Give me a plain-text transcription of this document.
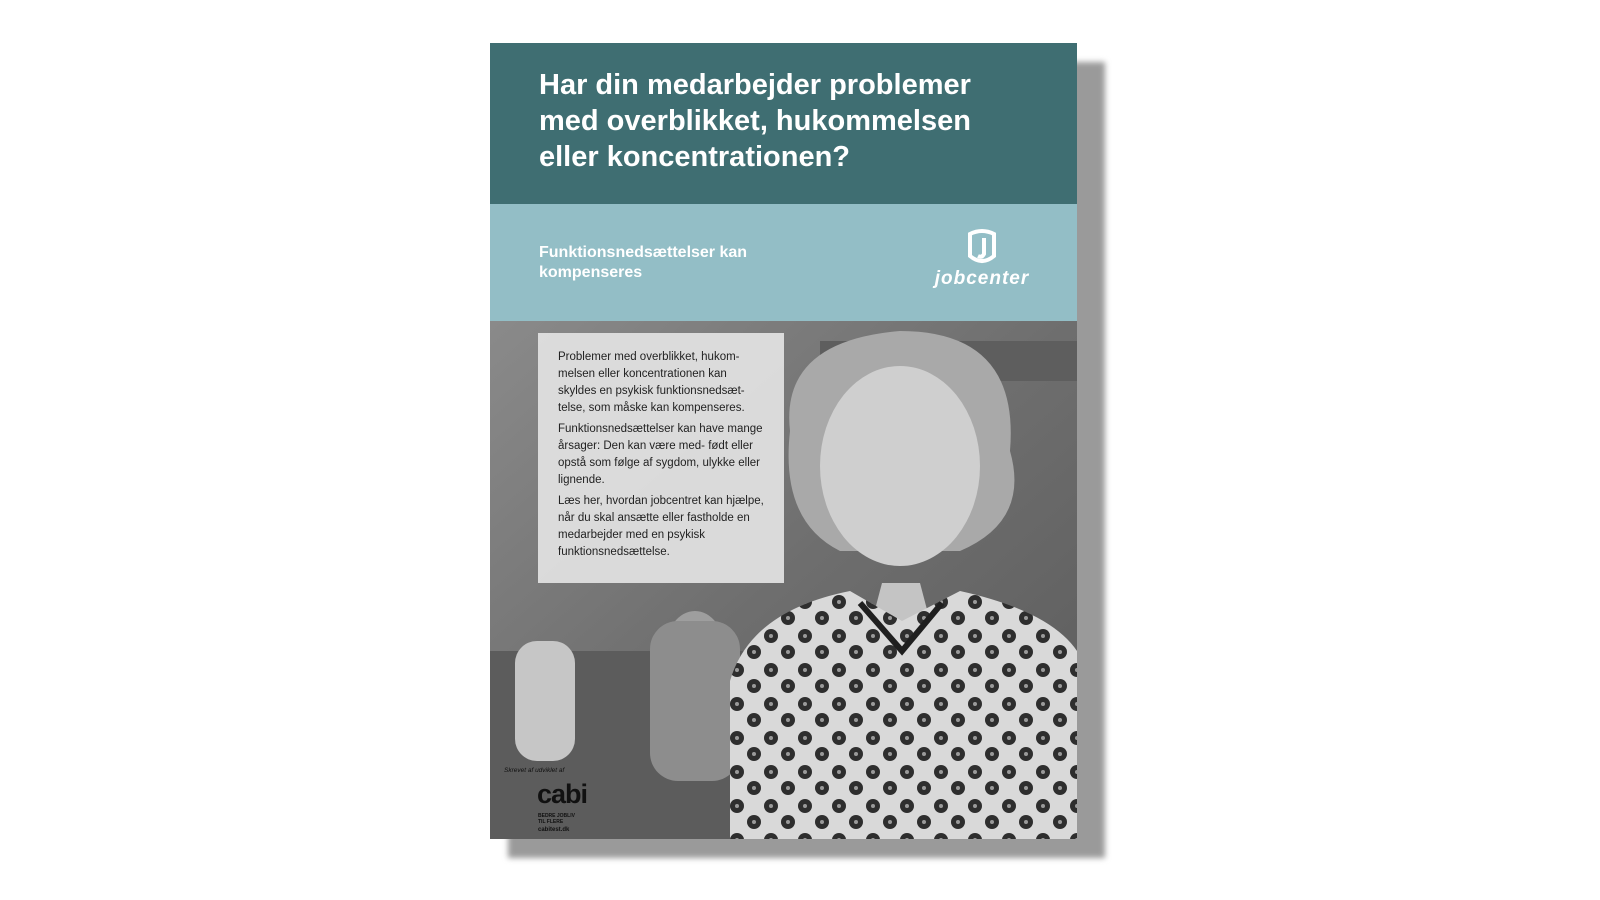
Har din medarbejder problemer
med overblikket, hukommelsen
eller koncentrationen?

Funktionsnedsættelser kan
kompenseres	jobcenter

Problemer med overblikket, hukom- melsen eller koncentrationen kan skyldes en psykisk funktionsnedsæt- telse, som måske kan kompenseres.

Funktionsnedsættelser kan have mange årsager: Den kan være med- født eller opstå som følge af sygdom, ulykke eller lignende.

Læs her, hvordan jobcentret kan hjælpe, når du skal ansætte eller fastholde en medarbejder med en psykisk funktionsnedsættelse.

Skrevet af udviklet af
cabi
BEDRE JOBLIV
TIL FLERE
cabitest.dk
